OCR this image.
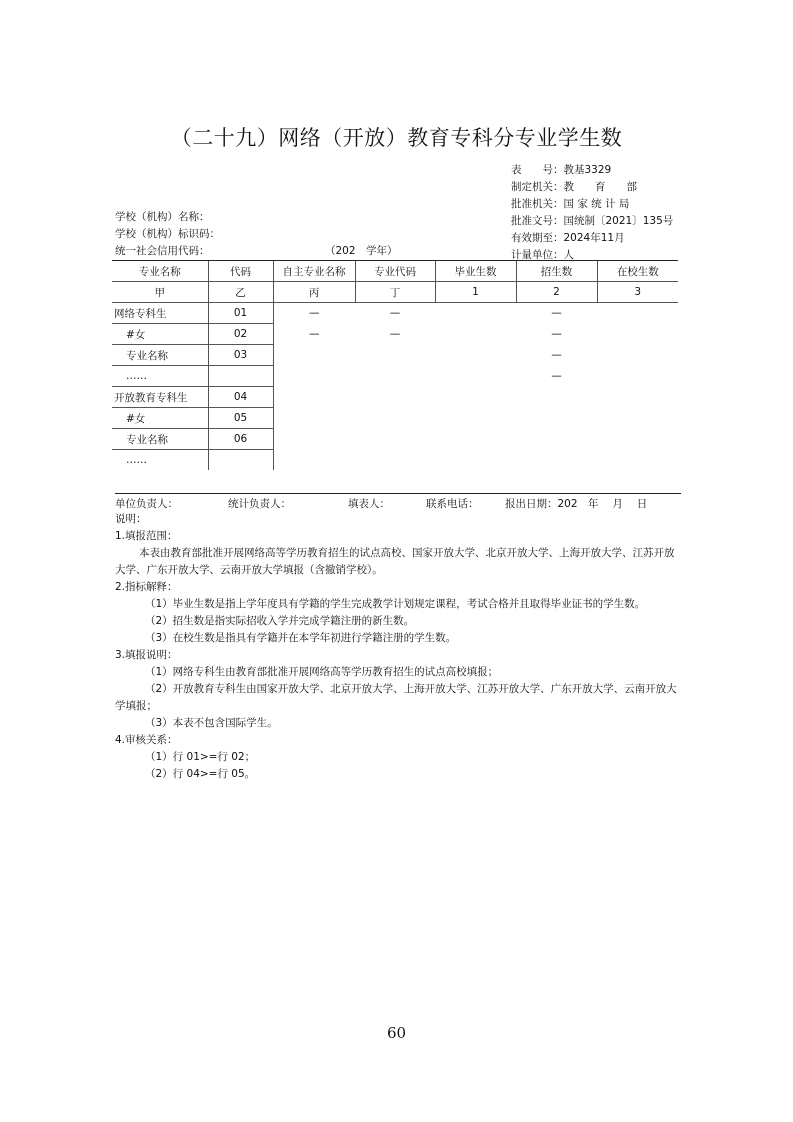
（二十九）网络（开放）教育专科分专业学生数
表　　号：教基3329
制定机关：教　　育　　部
批准机关：国 家 统 计 局
批准文号：国统制〔2021〕135号
有效期至：2024年11月
计量单位：人
学校（机构）名称：
学校（机构）标识码：
统一社会信用代码：	（202　学年）
专业名称	代码	自主专业名称	专业代码	毕业生数	招生数	在校生数
甲	乙	丙	丁	1	2	3
网络专科生	01	—	—		—	
#女	02	—	—		—	
专业名称	03				—	
……					—	
开放教育专科生	04					
#女	05					
专业名称	06					
……						
单位负责人：	统计负责人：	填表人：	联系电话：	报出日期：202　年　 月　 日

说明：

1.填报范围：

本表由教育部批准开展网络高等学历教育招生的试点高校、国家开放大学、北京开放大学、上海开放大学、江苏开放大学、广东开放大学、云南开放大学填报（含撤销学校）。

2.指标解释：

（1）毕业生数是指上学年度具有学籍的学生完成教学计划规定课程，考试合格并且取得毕业证书的学生数。

（2）招生数是指实际招收入学并完成学籍注册的新生数。

（3）在校生数是指具有学籍并在本学年初进行学籍注册的学生数。

3.填报说明：

（1）网络专科生由教育部批准开展网络高等学历教育招生的试点高校填报；

（2）开放教育专科生由国家开放大学、北京开放大学、上海开放大学、江苏开放大学、广东开放大学、云南开放大学填报；

（3）本表不包含国际学生。

4.审核关系：

（1）行 01>=行 02；

（2）行 04>=行 05。

60
